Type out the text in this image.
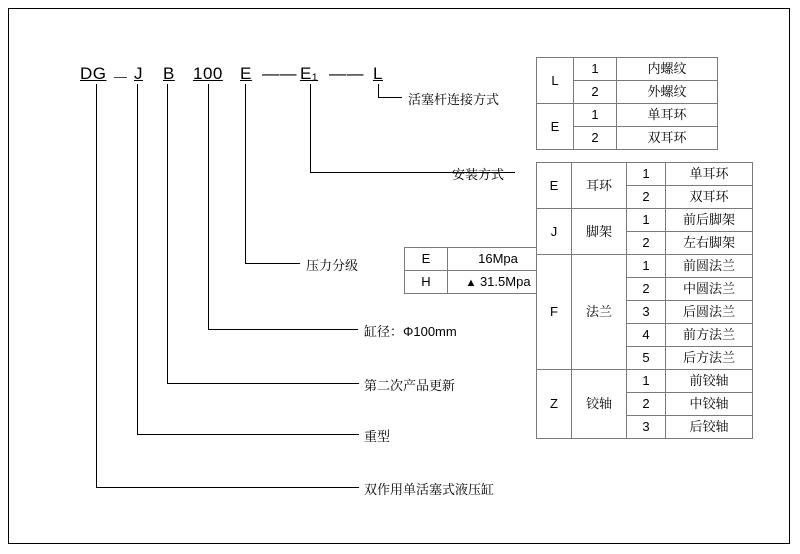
DG － J B 100 E —— E₁ —— L
活塞杆连接方式
安装方式
压力分级
缸径：Φ100mm
第二次产品更新
重型
双作用单活塞式液压缸
E	16Mpa
H	▲ 31.5Mpa
L	1	内螺纹
	2	外螺纹
E	1	单耳环
	2	双耳环
E	耳环	1	单耳环
		2	双耳环
J	脚架	1	前后脚架
		2	左右脚架
F	法兰	1	前圆法兰
		2	中圆法兰
		3	后圆法兰
		4	前方法兰
		5	后方法兰
Z	铰轴	1	前铰轴
		2	中铰轴
		3	后铰轴
